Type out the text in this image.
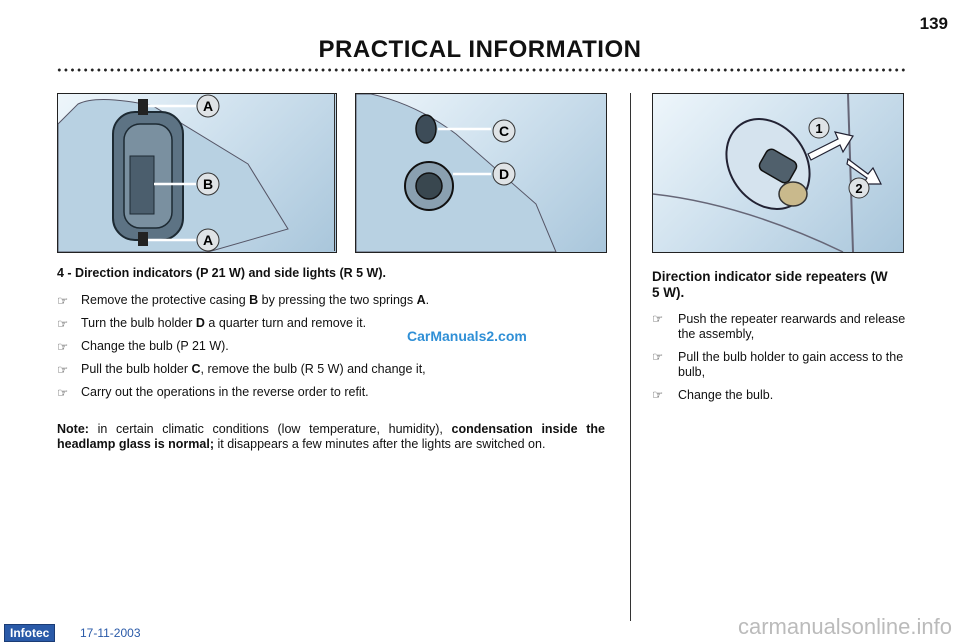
139
PRACTICAL INFORMATION
A
B
A
C
D
1
2
4 - Direction indicators (P 21 W) and side lights (R 5 W).
☞ Remove the protective casing B by pressing the two springs A.
☞ Turn the bulb holder D a quarter turn and remove it.
☞ Change the bulb (P 21 W).
☞ Pull the bulb holder C, remove the bulb (R 5 W) and change it,
☞ Carry out the operations in the reverse order to refit.
CarManuals2.com
Note: in certain climatic conditions (low temperature, humidity), condensation inside the headlamp glass is normal; it disappears a few minutes after the lights are switched on.
Direction indicator side repeaters (W 5 W).
☞ Push the repeater rearwards and release the assembly,
☞ Pull the bulb holder to gain access to the bulb,
☞ Change the bulb.
Infotec	17-11-2003	carmanualsonline.info
